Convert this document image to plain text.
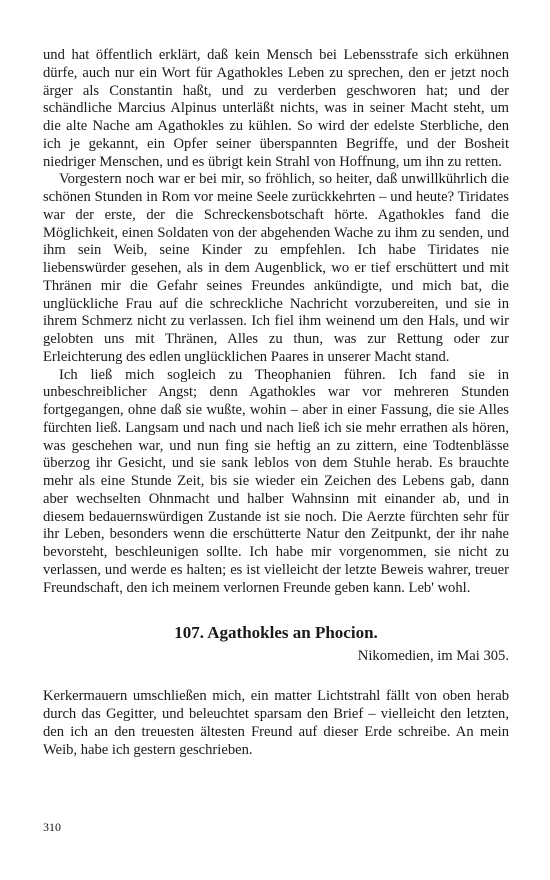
und hat öffentlich erklärt, daß kein Mensch bei Lebensstrafe sich erkühnen dürfe, auch nur ein Wort für Agathokles Leben zu sprechen, den er jetzt noch ärger als Constantin haßt, und zu verderben geschworen hat; und der schändliche Marcius Alpinus unterläßt nichts, was in seiner Macht steht, um die alte Nache am Agathokles zu kühlen. So wird der edelste Sterbliche, den ich je gekannt, ein Opfer seiner überspannten Begriffe, und der Bosheit niedriger Menschen, und es übrigt kein Strahl von Hoffnung, um ihn zu retten.

Vorgestern noch war er bei mir, so fröhlich, so heiter, daß unwillkührlich die schönen Stunden in Rom vor meine Seele zurückkehrten – und heute? Tiridates war der erste, der die Schreckensbotschaft hörte. Agathokles fand die Möglichkeit, einen Soldaten von der abgehenden Wache zu ihm zu senden, und ihm sein Weib, seine Kinder zu empfehlen. Ich habe Tiridates nie liebenswürder gesehen, als in dem Augenblick, wo er tief erschüttert und mit Thränen mir die Gefahr seines Freundes ankündigte, und mich bat, die unglückliche Frau auf die schreckliche Nachricht vorzubereiten, und sie in ihrem Schmerz nicht zu verlassen. Ich fiel ihm weinend um den Hals, und wir gelobten uns mit Thränen, Alles zu thun, was zur Rettung oder zur Erleichterung des edlen unglücklichen Paares in unserer Macht stand.

Ich ließ mich sogleich zu Theophanien führen. Ich fand sie in unbeschreiblicher Angst; denn Agathokles war vor mehreren Stunden fortgegangen, ohne daß sie wußte, wohin – aber in einer Fassung, die sie Alles fürchten ließ. Langsam und nach und nach ließ ich sie mehr errathen als hören, was geschehen war, und nun fing sie heftig an zu zittern, eine Todtenblässe überzog ihr Gesicht, und sie sank leblos von dem Stuhle herab. Es brauchte mehr als eine Stunde Zeit, bis sie wieder ein Zeichen des Lebens gab, dann aber wechselten Ohnmacht und halber Wahnsinn mit einander ab, und in diesem bedauernswürdigen Zustande ist sie noch. Die Aerzte fürchten sehr für ihr Leben, besonders wenn die erschütterte Natur den Zeitpunkt, der ihr nahe bevorsteht, beschleunigen sollte. Ich habe mir vorgenommen, sie nicht zu verlassen, und werde es halten; es ist vielleicht der letzte Beweis wahrer, treuer Freundschaft, den ich meinem verlornen Freunde geben kann. Leb' wohl.

107. Agathokles an Phocion.
Nikomedien, im Mai 305.

Kerkermauern umschließen mich, ein matter Lichtstrahl fällt von oben herab durch das Gegitter, und beleuchtet sparsam den Brief – vielleicht den letzten, den ich an den treuesten ältesten Freund auf dieser Erde schreibe. An mein Weib, habe ich gestern geschrieben.

310
